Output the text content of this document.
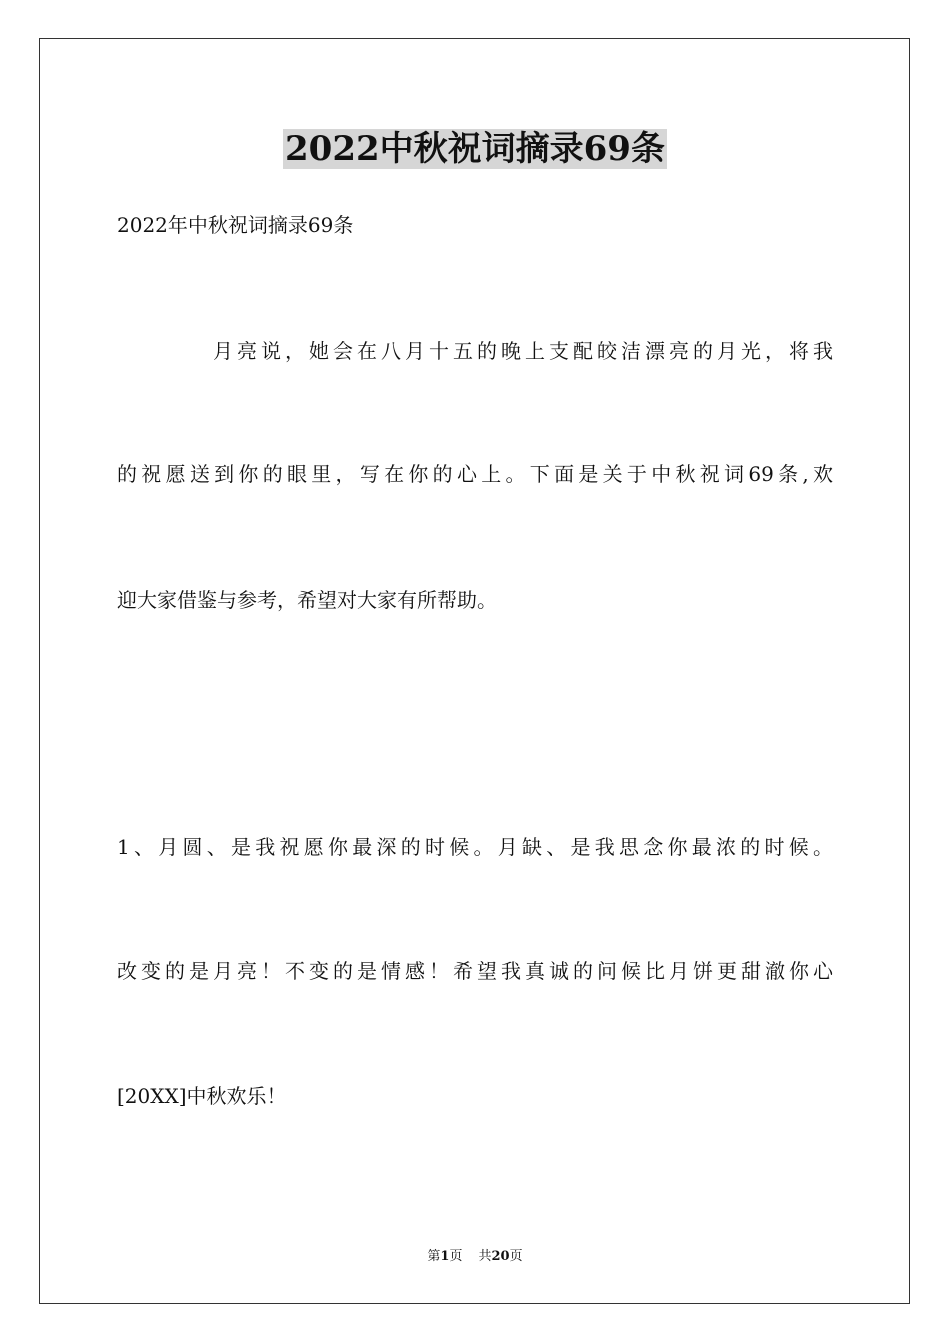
2022中秋祝词摘录69条

2022年中秋祝词摘录69条

月亮说，她会在八月十五的晚上支配皎洁漂亮的月光，将我

的祝愿送到你的眼里，写在你的心上。下面是关于中秋祝词69条,欢

迎大家借鉴与参考，希望对大家有所帮助。

1、月圆、是我祝愿你最深的时候。月缺、是我思念你最浓的时候。

改变的是月亮！不变的是情感！希望我真诚的问候比月饼更甜澈你心

[20XX]中秋欢乐！

第1页 共20页
